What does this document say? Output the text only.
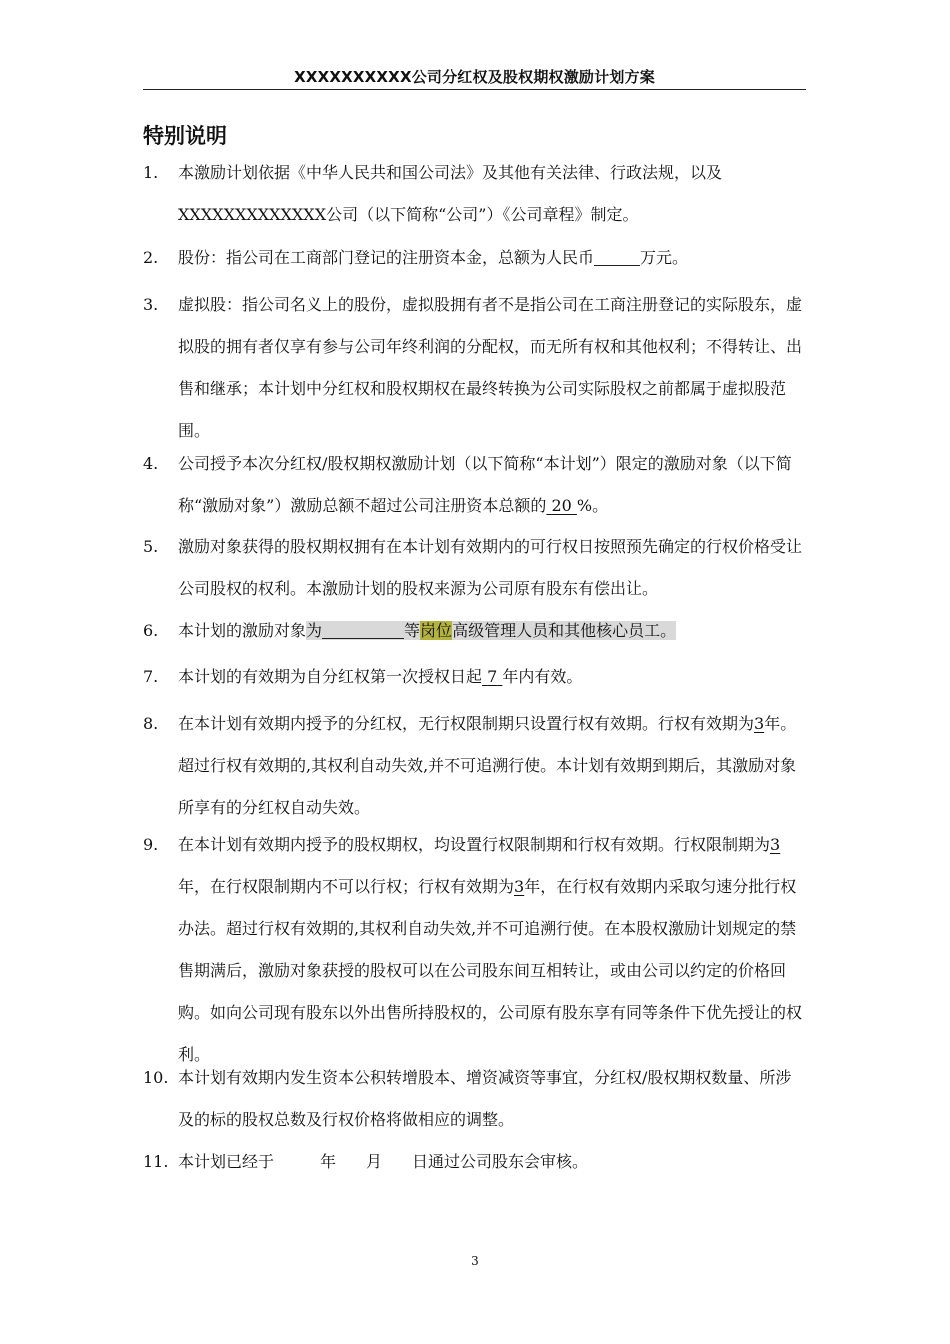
XXXXXXXXXX公司分红权及股权期权激励计划方案
特别说明
1.	本激励计划依据《中华人民共和国公司法》及其他有关法律、行政法规，以及XXXXXXXXXXXXX公司（以下简称“公司”）《公司章程》制定。
2.	股份：指公司在工商部门登记的注册资本金，总额为人民币	万元。
3.	虚拟股：指公司名义上的股份，虚拟股拥有者不是指公司在工商注册登记的实际股东，虚拟股的拥有者仅享有参与公司年终利润的分配权，而无所有权和其他权利；不得转让、出售和继承；本计划中分红权和股权期权在最终转换为公司实际股权之前都属于虚拟股范围。
4.	公司授予本次分红权/股权期权激励计划（以下简称“本计划”）限定的激励对象（以下简称“激励对象”）激励总额不超过公司注册资本总额的 20 %。
5.	激励对象获得的股权期权拥有在本计划有效期内的可行权日按照预先确定的行权价格受让公司股权的权利。本激励计划的股权来源为公司原有股东有偿出让。
6.	本计划的激励对象为	等岗位高级管理人员和其他核心员工。
7.	本计划的有效期为自分红权第一次授权日起 7 年内有效。
8.	在本计划有效期内授予的分红权，无行权限制期只设置行权有效期。行权有效期为3年。超过行权有效期的,其权利自动失效,并不可追溯行使。本计划有效期到期后，其激励对象所享有的分红权自动失效。
9.	在本计划有效期内授予的股权期权，均设置行权限制期和行权有效期。行权限制期为3年，在行权限制期内不可以行权；行权有效期为3年，在行权有效期内采取匀速分批行权办法。超过行权有效期的,其权利自动失效,并不可追溯行使。在本股权激励计划规定的禁售期满后，激励对象获授的股权可以在公司股东间互相转让，或由公司以约定的价格回购。如向公司现有股东以外出售所持股权的，公司原有股东享有同等条件下优先授让的权利。
10. 本计划有效期内发生资本公积转增股本、增资减资等事宜，分红权/股权期权数量、所涉及的标的股权总数及行权价格将做相应的调整。
11. 本计划已经于	年 月 日通过公司股东会审核。
3
